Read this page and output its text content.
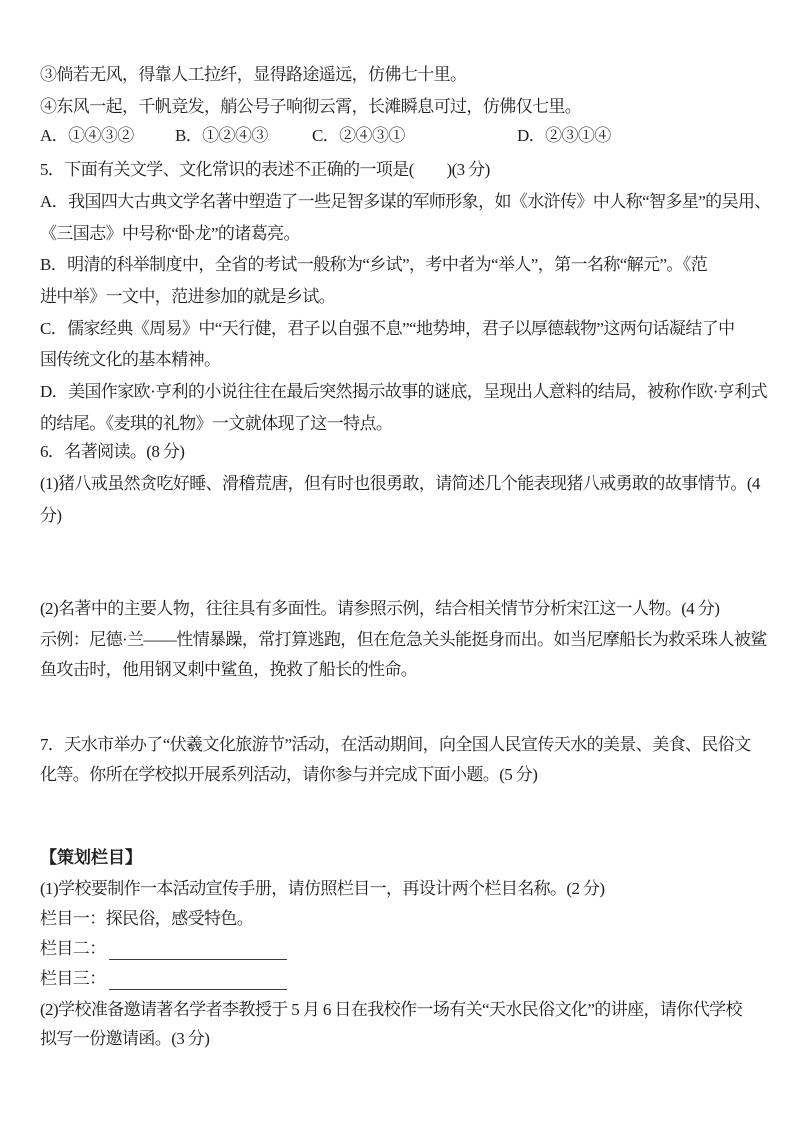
③倘若无风，得靠人工拉纤，显得路途遥远，仿佛七十里。
④东风一起，千帆竞发，艄公号子响彻云霄，长滩瞬息可过，仿佛仅七里。
A．①④③② B．①②④③	C．②④③①	D．②③①④
5．下面有关文学、文化常识的表述不正确的一项是(　　)(3 分)
A．我国四大古典文学名著中塑造了一些足智多谋的军师形象，如《水浒传》中人称“智多星”的吴用、
《三国志》中号称“卧龙”的诸葛亮。
B．明清的科举制度中，全省的考试一般称为“乡试”，考中者为“举人”，第一名称“解元”。《范
进中举》一文中，范进参加的就是乡试。
C．儒家经典《周易》中“天行健，君子以自强不息”“地势坤，君子以厚德载物”这两句话凝结了中
国传统文化的基本精神。
D．美国作家欧·亨利的小说往往在最后突然揭示故事的谜底，呈现出人意料的结局，被称作欧·亨利式
的结尾。《麦琪的礼物》一文就体现了这一特点。
6．名著阅读。(8 分)
(1)猪八戒虽然贪吃好睡、滑稽荒唐，但有时也很勇敢，请简述几个能表现猪八戒勇敢的故事情节。(4
分)
(2)名著中的主要人物，往往具有多面性。请参照示例，结合相关情节分析宋江这一人物。(4 分)
示例：尼德·兰——性情暴躁，常打算逃跑，但在危急关头能挺身而出。如当尼摩船长为救采珠人被鲨
鱼攻击时，他用钢叉刺中鲨鱼，挽救了船长的性命。
7．天水市举办了“伏羲文化旅游节”活动，在活动期间，向全国人民宣传天水的美景、美食、民俗文
化等。你所在学校拟开展系列活动，请你参与并完成下面小题。(5 分)
【策划栏目】
(1)学校要制作一本活动宣传手册，请仿照栏目一，再设计两个栏目名称。(2 分)
栏目一：探民俗，感受特色。
栏目二：
栏目三：
(2)学校准备邀请著名学者李教授于 5 月 6 日在我校作一场有关“天水民俗文化”的讲座，请你代学校
拟写一份邀请函。(3 分)
